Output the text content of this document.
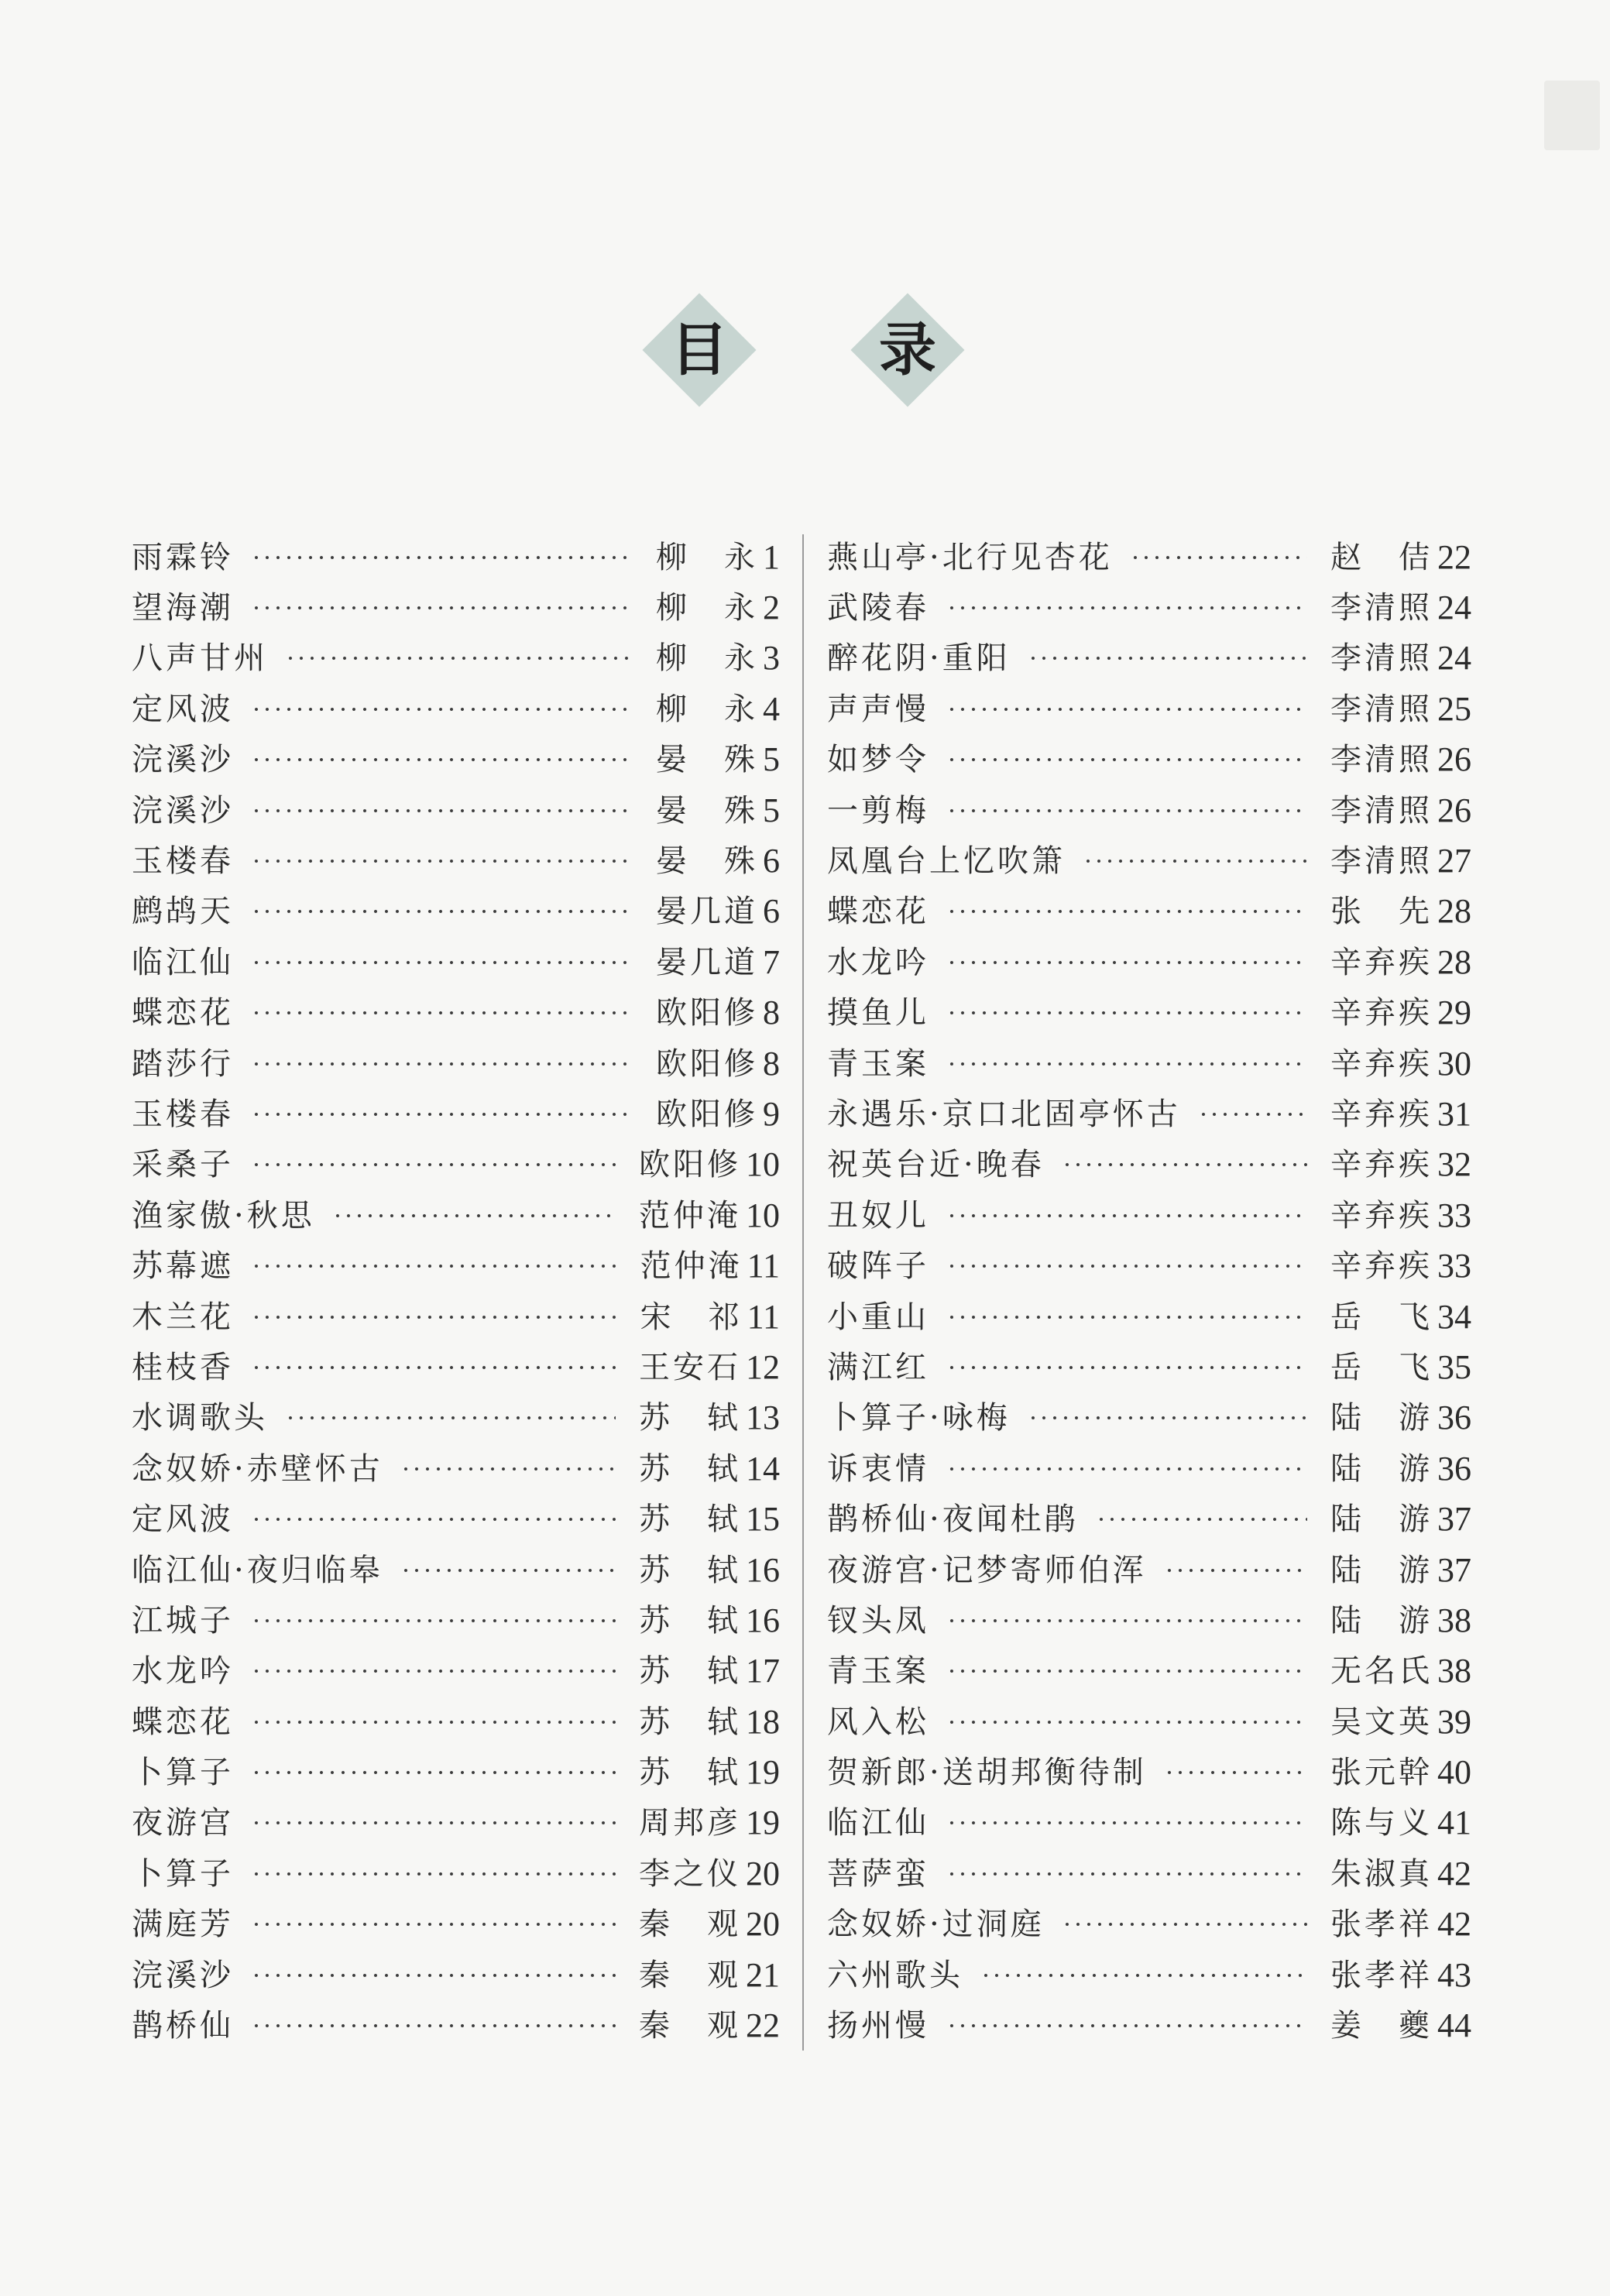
目	录
雨霖铃	柳　永 1
望海潮	柳　永 2
八声甘州	柳　永 3
定风波	柳　永 4
浣溪沙	晏　殊 5
浣溪沙	晏　殊 5
玉楼春	晏　殊 6
鹧鸪天	晏几道 6
临江仙	晏几道 7
蝶恋花	欧阳修 8
踏莎行	欧阳修 8
玉楼春	欧阳修 9
采桑子	欧阳修 10
渔家傲·秋思	范仲淹 10
苏幕遮	范仲淹 11
木兰花	宋　祁 11
桂枝香	王安石 12
水调歌头	苏　轼 13
念奴娇·赤壁怀古	苏　轼 14
定风波	苏　轼 15
临江仙·夜归临皋	苏　轼 16
江城子	苏　轼 16
水龙吟	苏　轼 17
蝶恋花	苏　轼 18
卜算子	苏　轼 19
夜游宫	周邦彦 19
卜算子	李之仪 20
满庭芳	秦　观 20
浣溪沙	秦　观 21
鹊桥仙	秦　观 22
燕山亭·北行见杏花	赵　佶 22
武陵春	李清照 24
醉花阴·重阳	李清照 24
声声慢	李清照 25
如梦令	李清照 26
一剪梅	李清照 26
凤凰台上忆吹箫	李清照 27
蝶恋花	张　先 28
水龙吟	辛弃疾 28
摸鱼儿	辛弃疾 29
青玉案	辛弃疾 30
永遇乐·京口北固亭怀古	辛弃疾 31
祝英台近·晚春	辛弃疾 32
丑奴儿	辛弃疾 33
破阵子	辛弃疾 33
小重山	岳　飞 34
满江红	岳　飞 35
卜算子·咏梅	陆　游 36
诉衷情	陆　游 36
鹊桥仙·夜闻杜鹃	陆　游 37
夜游宫·记梦寄师伯浑	陆　游 37
钗头凤	陆　游 38
青玉案	无名氏 38
风入松	吴文英 39
贺新郎·送胡邦衡待制	张元幹 40
临江仙	陈与义 41
菩萨蛮	朱淑真 42
念奴娇·过洞庭	张孝祥 42
六州歌头	张孝祥 43
扬州慢	姜　夔 44
